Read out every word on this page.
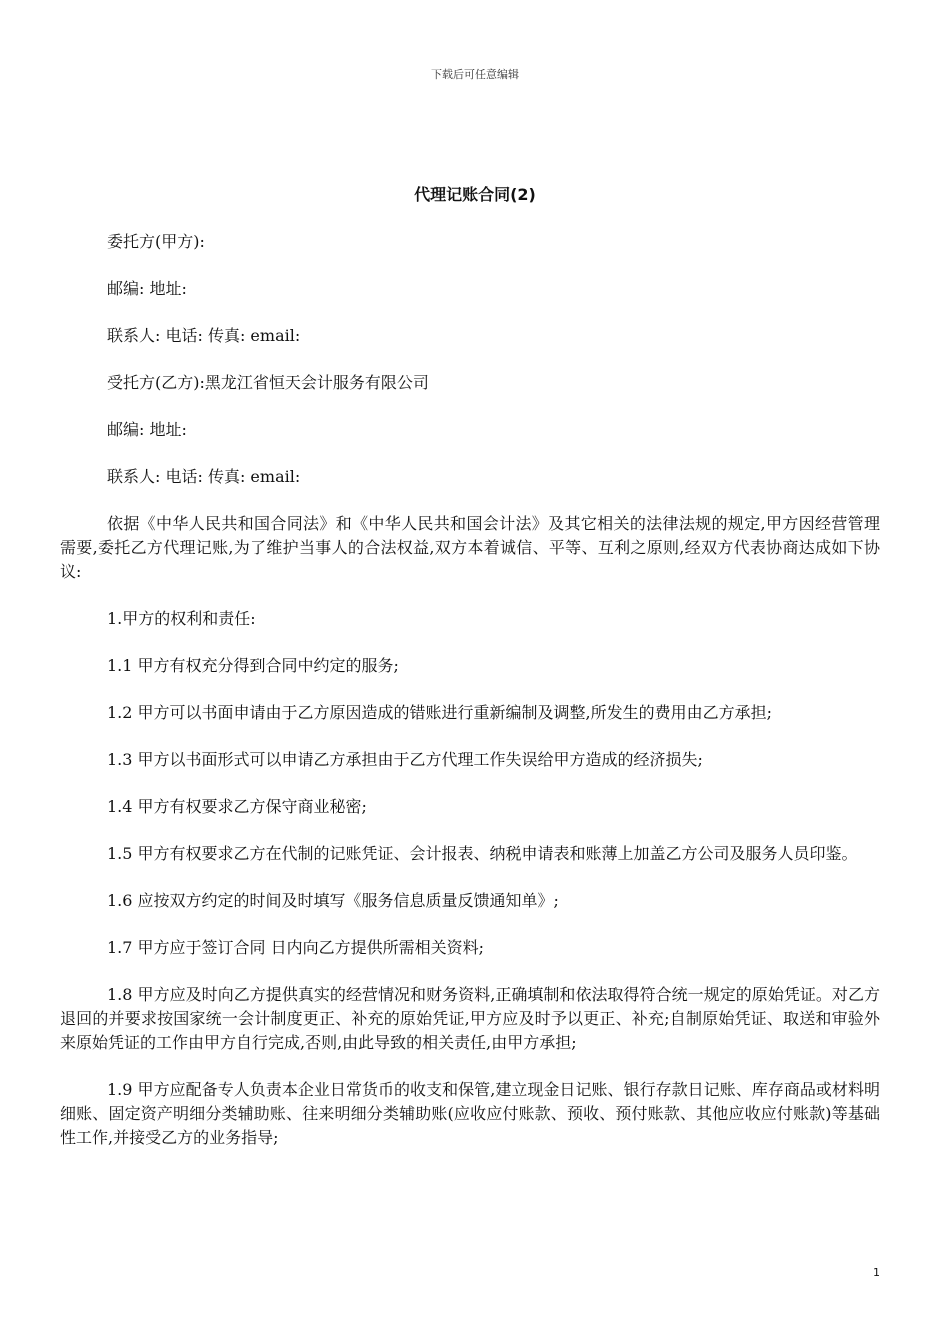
下载后可任意编辑
代理记账合同(2)

委托方(甲方):

邮编: 地址:

联系人: 电话: 传真: email:

受托方(乙方):黑龙江省恒天会计服务有限公司

邮编: 地址:

联系人: 电话: 传真: email:

依据《中华人民共和国合同法》和《中华人民共和国会计法》及其它相关的法律法规的规定,甲方因经营管理需要,委托乙方代理记账,为了维护当事人的合法权益,双方本着诚信、平等、互利之原则,经双方代表协商达成如下协议:

1.甲方的权利和责任:

1.1 甲方有权充分得到合同中约定的服务;

1.2 甲方可以书面申请由于乙方原因造成的错账进行重新编制及调整,所发生的费用由乙方承担;

1.3 甲方以书面形式可以申请乙方承担由于乙方代理工作失误给甲方造成的经济损失;

1.4 甲方有权要求乙方保守商业秘密;

1.5 甲方有权要求乙方在代制的记账凭证、会计报表、纳税申请表和账薄上加盖乙方公司及服务人员印鉴。

1.6 应按双方约定的时间及时填写《服务信息质量反馈通知单》;

1.7 甲方应于签订合同 日内向乙方提供所需相关资料;

1.8 甲方应及时向乙方提供真实的经营情况和财务资料,正确填制和依法取得符合统一规定的原始凭证。对乙方退回的并要求按国家统一会计制度更正、补充的原始凭证,甲方应及时予以更正、补充;自制原始凭证、取送和审验外来原始凭证的工作由甲方自行完成,否则,由此导致的相关责任,由甲方承担;

1.9 甲方应配备专人负责本企业日常货币的收支和保管,建立现金日记账、银行存款日记账、库存商品或材料明细账、固定资产明细分类辅助账、往来明细分类辅助账(应收应付账款、预收、预付账款、其他应收应付账款)等基础性工作,并接受乙方的业务指导;

1
